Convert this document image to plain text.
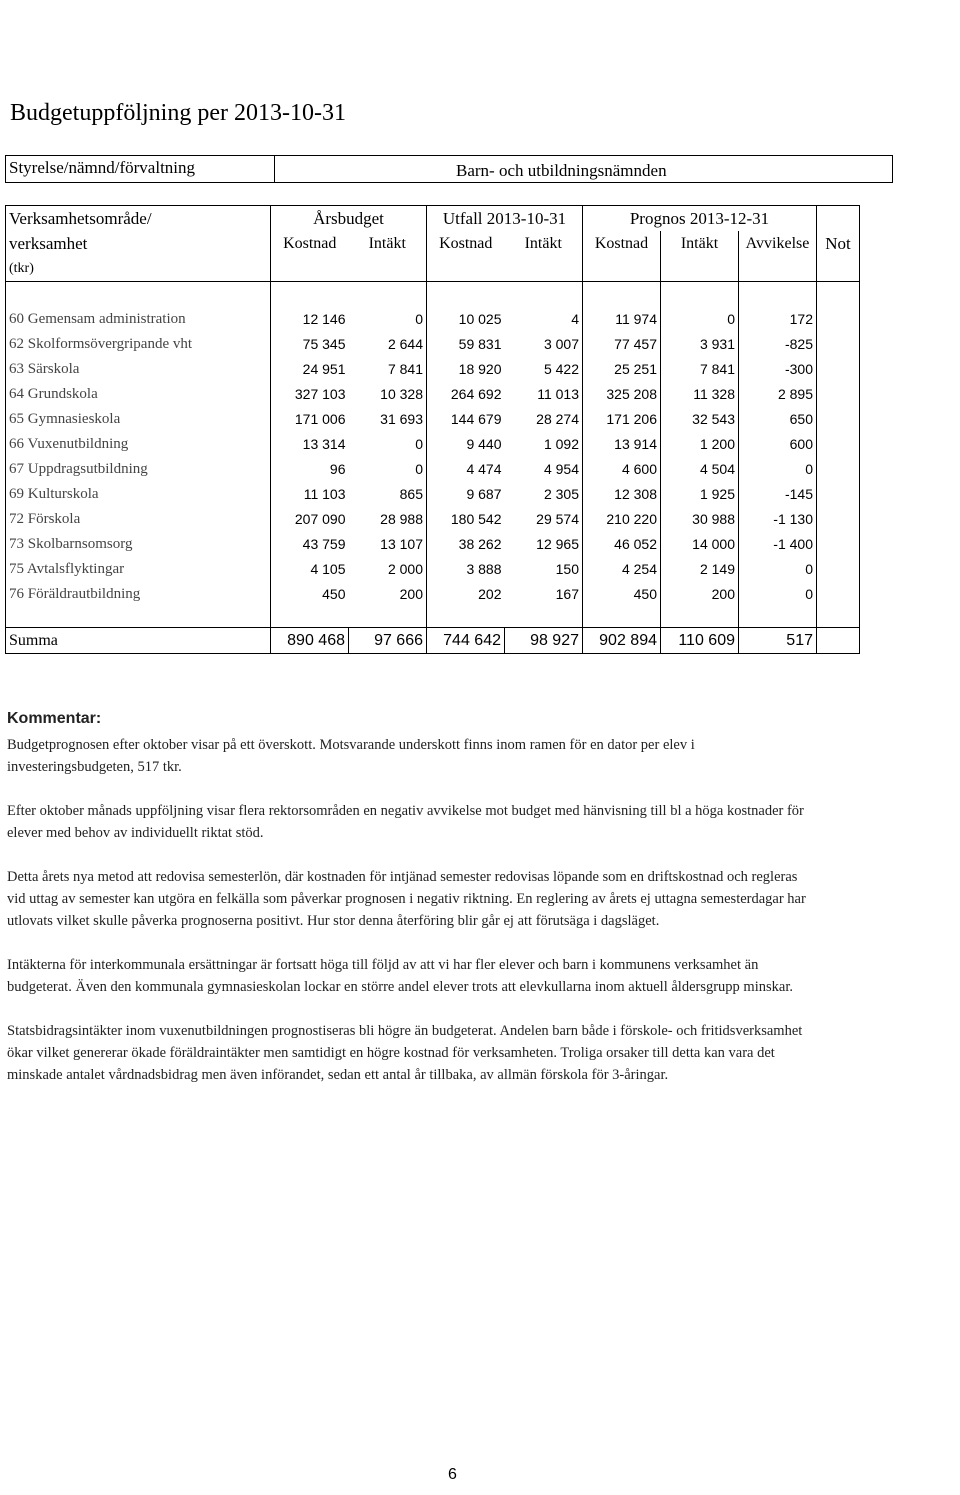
Budgetuppföljning per 2013-10-31
Styrelse/nämnd/förvaltning	Barn- och utbildningsnämnden
Verksamhetsområde/	Årsbudget		Utfall 2013-10-31		Prognos 2013-12-31			
verksamhet	Kostnad	Intäkt	Kostnad	Intäkt	Kostnad	Intäkt	Avvikelse	Not
(tkr)								

60 Gemensam administration	12 146	0	10 025	4	11 974	0	172	
62 Skolformsövergripande vht	75 345	2 644	59 831	3 007	77 457	3 931	-825	
63 Särskola	24 951	7 841	18 920	5 422	25 251	7 841	-300	
64 Grundskola	327 103	10 328	264 692	11 013	325 208	11 328	2 895	
65 Gymnasieskola	171 006	31 693	144 679	28 274	171 206	32 543	650	
66 Vuxenutbildning	13 314	0	9 440	1 092	13 914	1 200	600	
67 Uppdragsutbildning	96	0	4 474	4 954	4 600	4 504	0	
69 Kulturskola	11 103	865	9 687	2 305	12 308	1 925	-145	
72 Förskola	207 090	28 988	180 542	29 574	210 220	30 988	-1 130	
73 Skolbarnsomsorg	43 759	13 107	38 262	12 965	46 052	14 000	-1 400	
75 Avtalsflyktingar	4 105	2 000	3 888	150	4 254	2 149	0	
76 Föräldrautbildning	450	200	202	167	450	200	0	

Summa	890 468	97 666	744 642	98 927	902 894	110 609	517	
Kommentar:

Budgetprognosen efter oktober visar på ett överskott. Motsvarande underskott finns inom ramen för en dator per elev i investeringsbudgeten, 517 tkr.

Efter oktober månads uppföljning visar flera rektorsområden en negativ avvikelse mot budget med hänvisning till bl a höga kostnader för elever med behov av individuellt riktat stöd.

Detta årets nya metod att redovisa semesterlön, där kostnaden för intjänad semester redovisas löpande som en driftskostnad och regleras vid uttag av semester kan utgöra en felkälla som påverkar prognosen i negativ riktning. En reglering av årets ej uttagna semesterdagar har utlovats vilket skulle påverka prognoserna positivt. Hur stor denna återföring blir går ej att förutsäga i dagsläget.

Intäkterna för interkommunala ersättningar är fortsatt höga till följd av att vi har fler elever och barn i kommunens verksamhet än budgeterat. Även den kommunala gymnasieskolan lockar en större andel elever trots att elevkullarna inom aktuell åldersgrupp minskar.

Statsbidragsintäkter inom vuxenutbildningen prognostiseras bli högre än budgeterat. Andelen barn både i förskole- och fritidsverksamhet ökar vilket genererar ökade föräldraintäkter men samtidigt en högre kostnad för verksamheten. Troliga orsaker till detta kan vara det minskade antalet vårdnadsbidrag men även införandet, sedan ett antal år tillbaka, av allmän förskola för 3-åringar.

6
